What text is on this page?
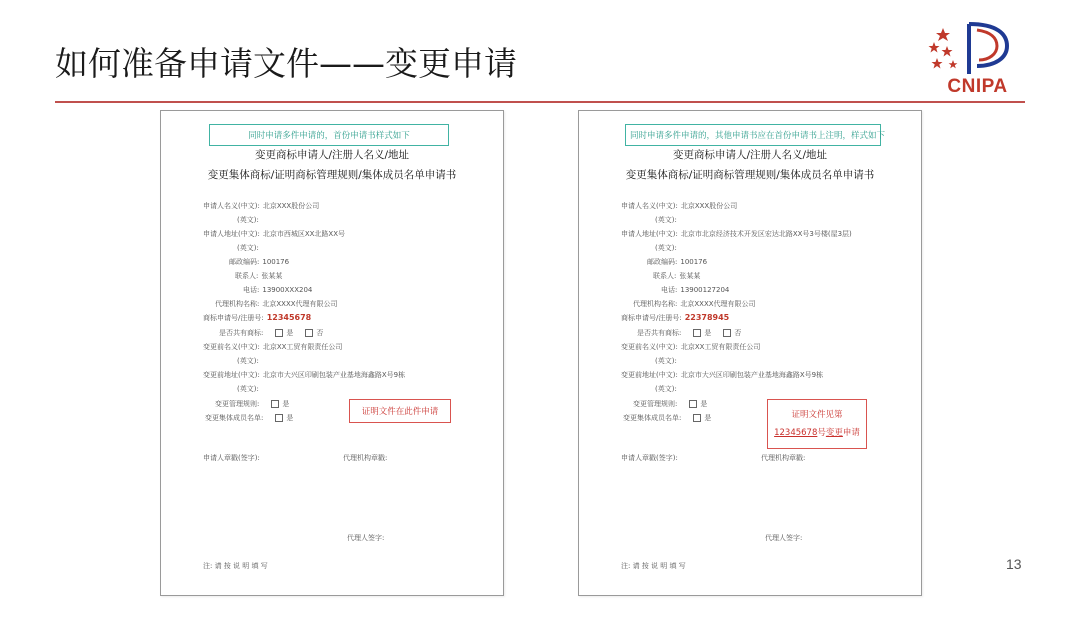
如何准备申请文件——变更申请
CNIPA
13
同时申请多件申请的，首份申请书样式如下
变更商标申请人/注册人名义/地址
变更集体商标/证明商标管理规则/集体成员名单申请书
申请人名义(中文): 北京XXX股份公司
(英文):
申请人地址(中文): 北京市西城区XX北路XX号
(英文):
邮政编码: 100176
联系人: 张某某
电话: 13900XXX204
代理机构名称: 北京XXXX代理有限公司
商标申请号/注册号: 12345678
是否共有商标:	是	否
变更前名义(中文): 北京XX工贸有限责任公司
(英文):
变更前地址(中文): 北京市大兴区印刷包装产业基地海鑫路X号9栋
(英文):
变更管理规则:	是
变更集体成员名单:	是
申请人章戳(签字):	代理机构章戳:
代理人签字:
注: 请 按 说 明 填 写
证明文件在此件申请
同时申请多件申请的，其他申请书应在首份申请书上注明，样式如下
变更商标申请人/注册人名义/地址
变更集体商标/证明商标管理规则/集体成员名单申请书
申请人名义(中文): 北京XXX股份公司
(英文):
申请人地址(中文): 北京市北京经济技术开发区宏达北路XX号3号楼(屋3层)
(英文):
邮政编码: 100176
联系人: 张某某
电话: 13900127204
代理机构名称: 北京XXXX代理有限公司
商标申请号/注册号: 22378945
是否共有商标:	是	否
变更前名义(中文): 北京XX工贸有限责任公司
(英文):
变更前地址(中文): 北京市大兴区印刷包装产业基地海鑫路X号9栋
(英文):
变更管理规则:	是
变更集体成员名单:	是
申请人章戳(签字):	代理机构章戳:
代理人签字:
注: 请 按 说 明 填 写
证明文件见第
12345678号变更申请
